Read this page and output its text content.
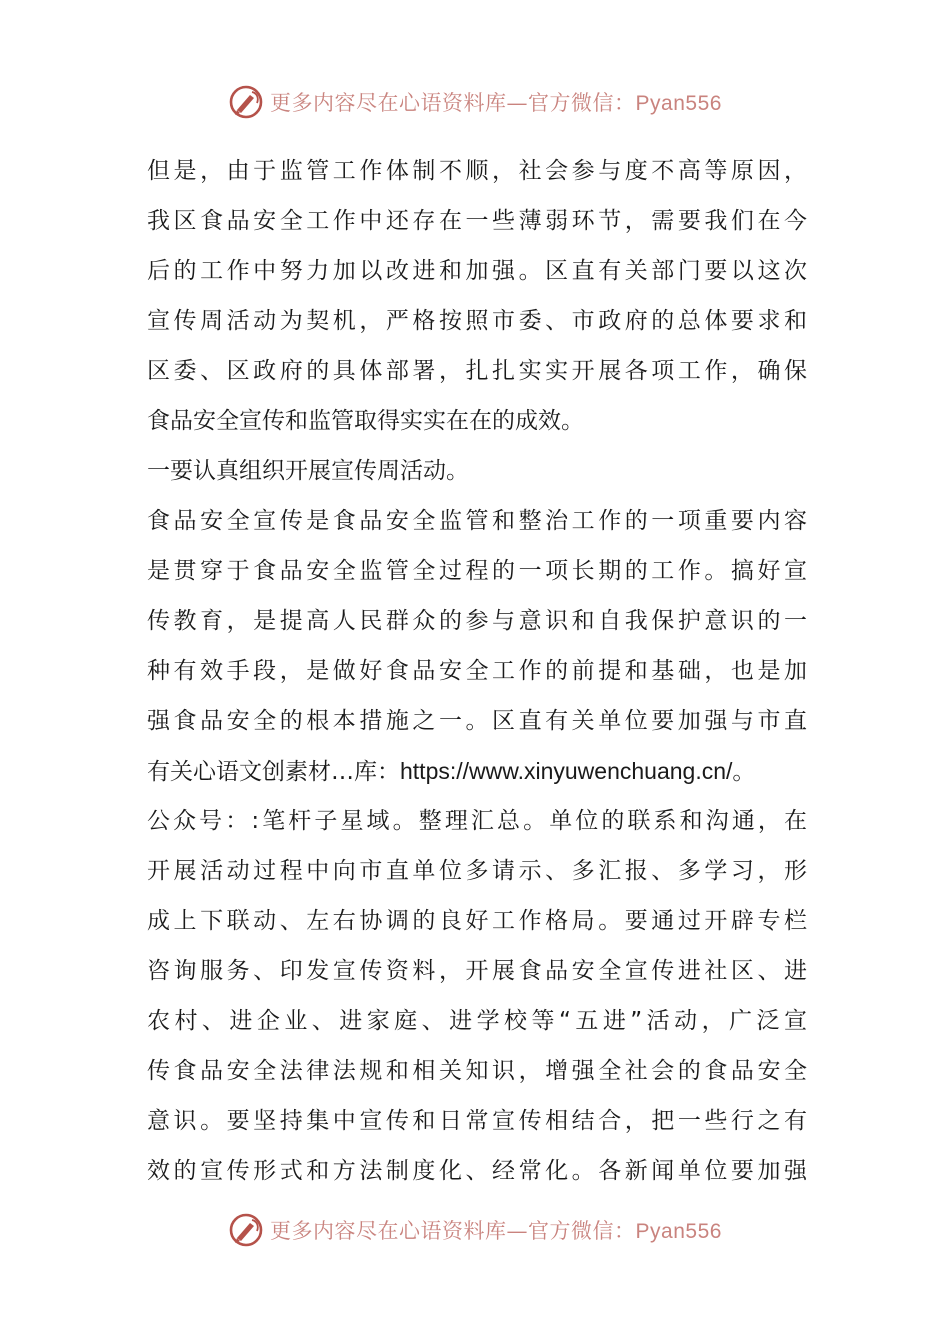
更多内容尽在心语资料库—官方微信：Pyan556
但是，由于监管工作体制不顺，社会参与度不高等原因，
我区食品安全工作中还存在一些薄弱环节，需要我们在今
后的工作中努力加以改进和加强。区直有关部门要以这次
宣传周活动为契机，严格按照市委、市政府的总体要求和
区委、区政府的具体部署，扎扎实实开展各项工作，确保
食品安全宣传和监管取得实实在在的成效。
一要认真组织开展宣传周活动。
食品安全宣传是食品安全监管和整治工作的一项重要内容
是贯穿于食品安全监管全过程的一项长期的工作。搞好宣
传教育，是提高人民群众的参与意识和自我保护意识的一
种有效手段，是做好食品安全工作的前提和基础，也是加
强食品安全的根本措施之一。区直有关单位要加强与市直
有关心语文创素材…库：https://www.xinyuwenchuang.cn/。
公众号：:笔杆子星域。整理汇总。单位的联系和沟通，在
开展活动过程中向市直单位多请示、多汇报、多学习，形
成上下联动、左右协调的良好工作格局。要通过开辟专栏
咨询服务、印发宣传资料，开展食品安全宣传进社区、进
农村、进企业、进家庭、进学校等“五进”活动，广泛宣
传食品安全法律法规和相关知识，增强全社会的食品安全
意识。要坚持集中宣传和日常宣传相结合，把一些行之有
效的宣传形式和方法制度化、经常化。各新闻单位要加强
更多内容尽在心语资料库—官方微信：Pyan556
